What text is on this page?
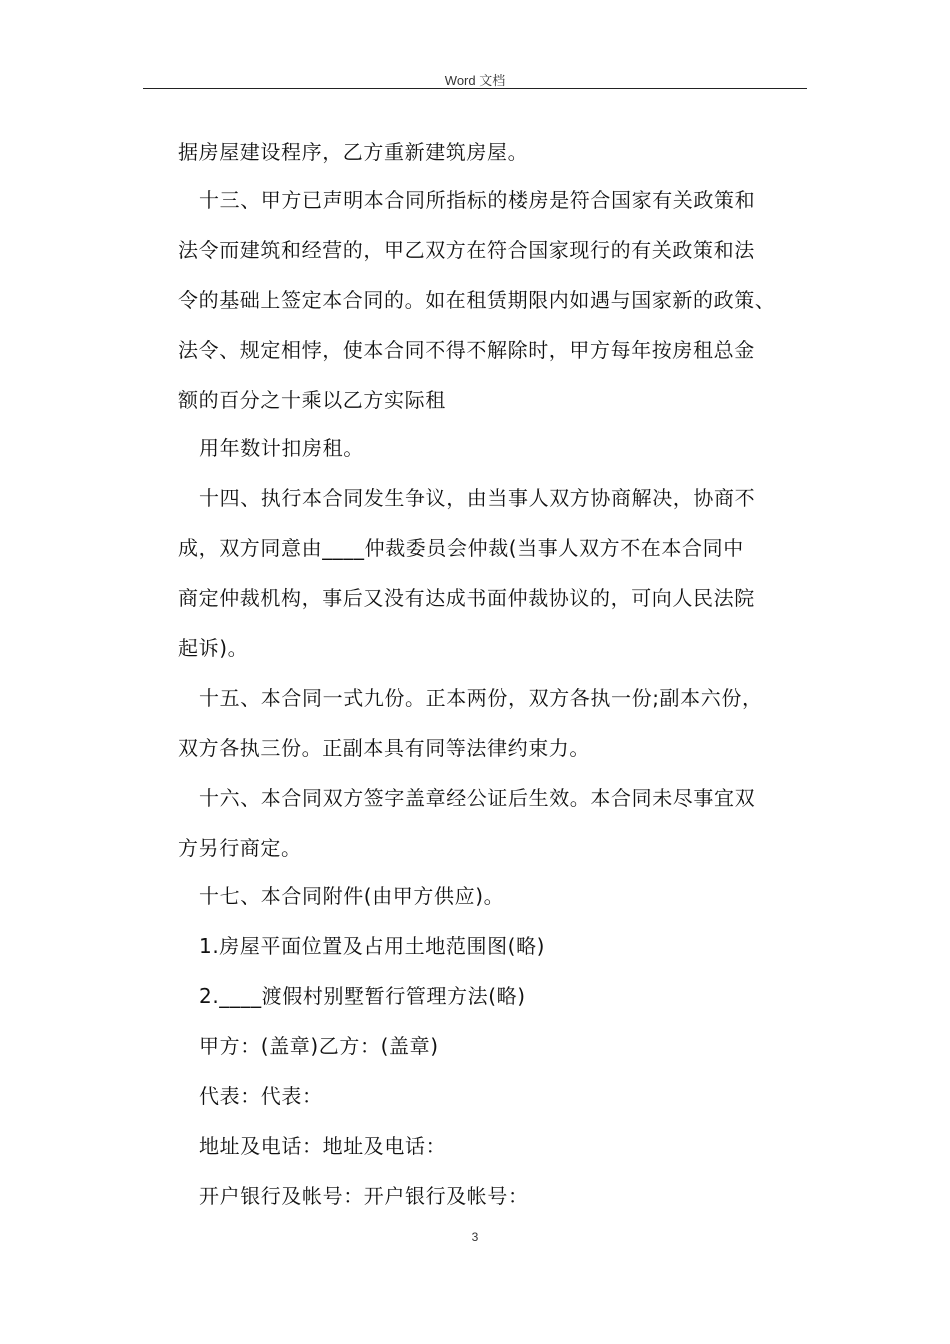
Word 文档
据房屋建设程序，乙方重新建筑房屋。
十三、甲方已声明本合同所指标的楼房是符合国家有关政策和
法令而建筑和经营的，甲乙双方在符合国家现行的有关政策和法
令的基础上签定本合同的。如在租赁期限内如遇与国家新的政策、
法令、规定相悖，使本合同不得不解除时，甲方每年按房租总金
额的百分之十乘以乙方实际租
用年数计扣房租。
十四、执行本合同发生争议，由当事人双方协商解决，协商不
成，双方同意由____仲裁委员会仲裁(当事人双方不在本合同中
商定仲裁机构，事后又没有达成书面仲裁协议的，可向人民法院
起诉)。
十五、本合同一式九份。正本两份，双方各执一份;副本六份，
双方各执三份。正副本具有同等法律约束力。
十六、本合同双方签字盖章经公证后生效。本合同未尽事宜双
方另行商定。
十七、本合同附件(由甲方供应)。
1.房屋平面位置及占用土地范围图(略)
2.____渡假村别墅暂行管理方法(略)
甲方：(盖章)乙方：(盖章)
代表：代表：
地址及电话：地址及电话：
开户银行及帐号：开户银行及帐号：
3
